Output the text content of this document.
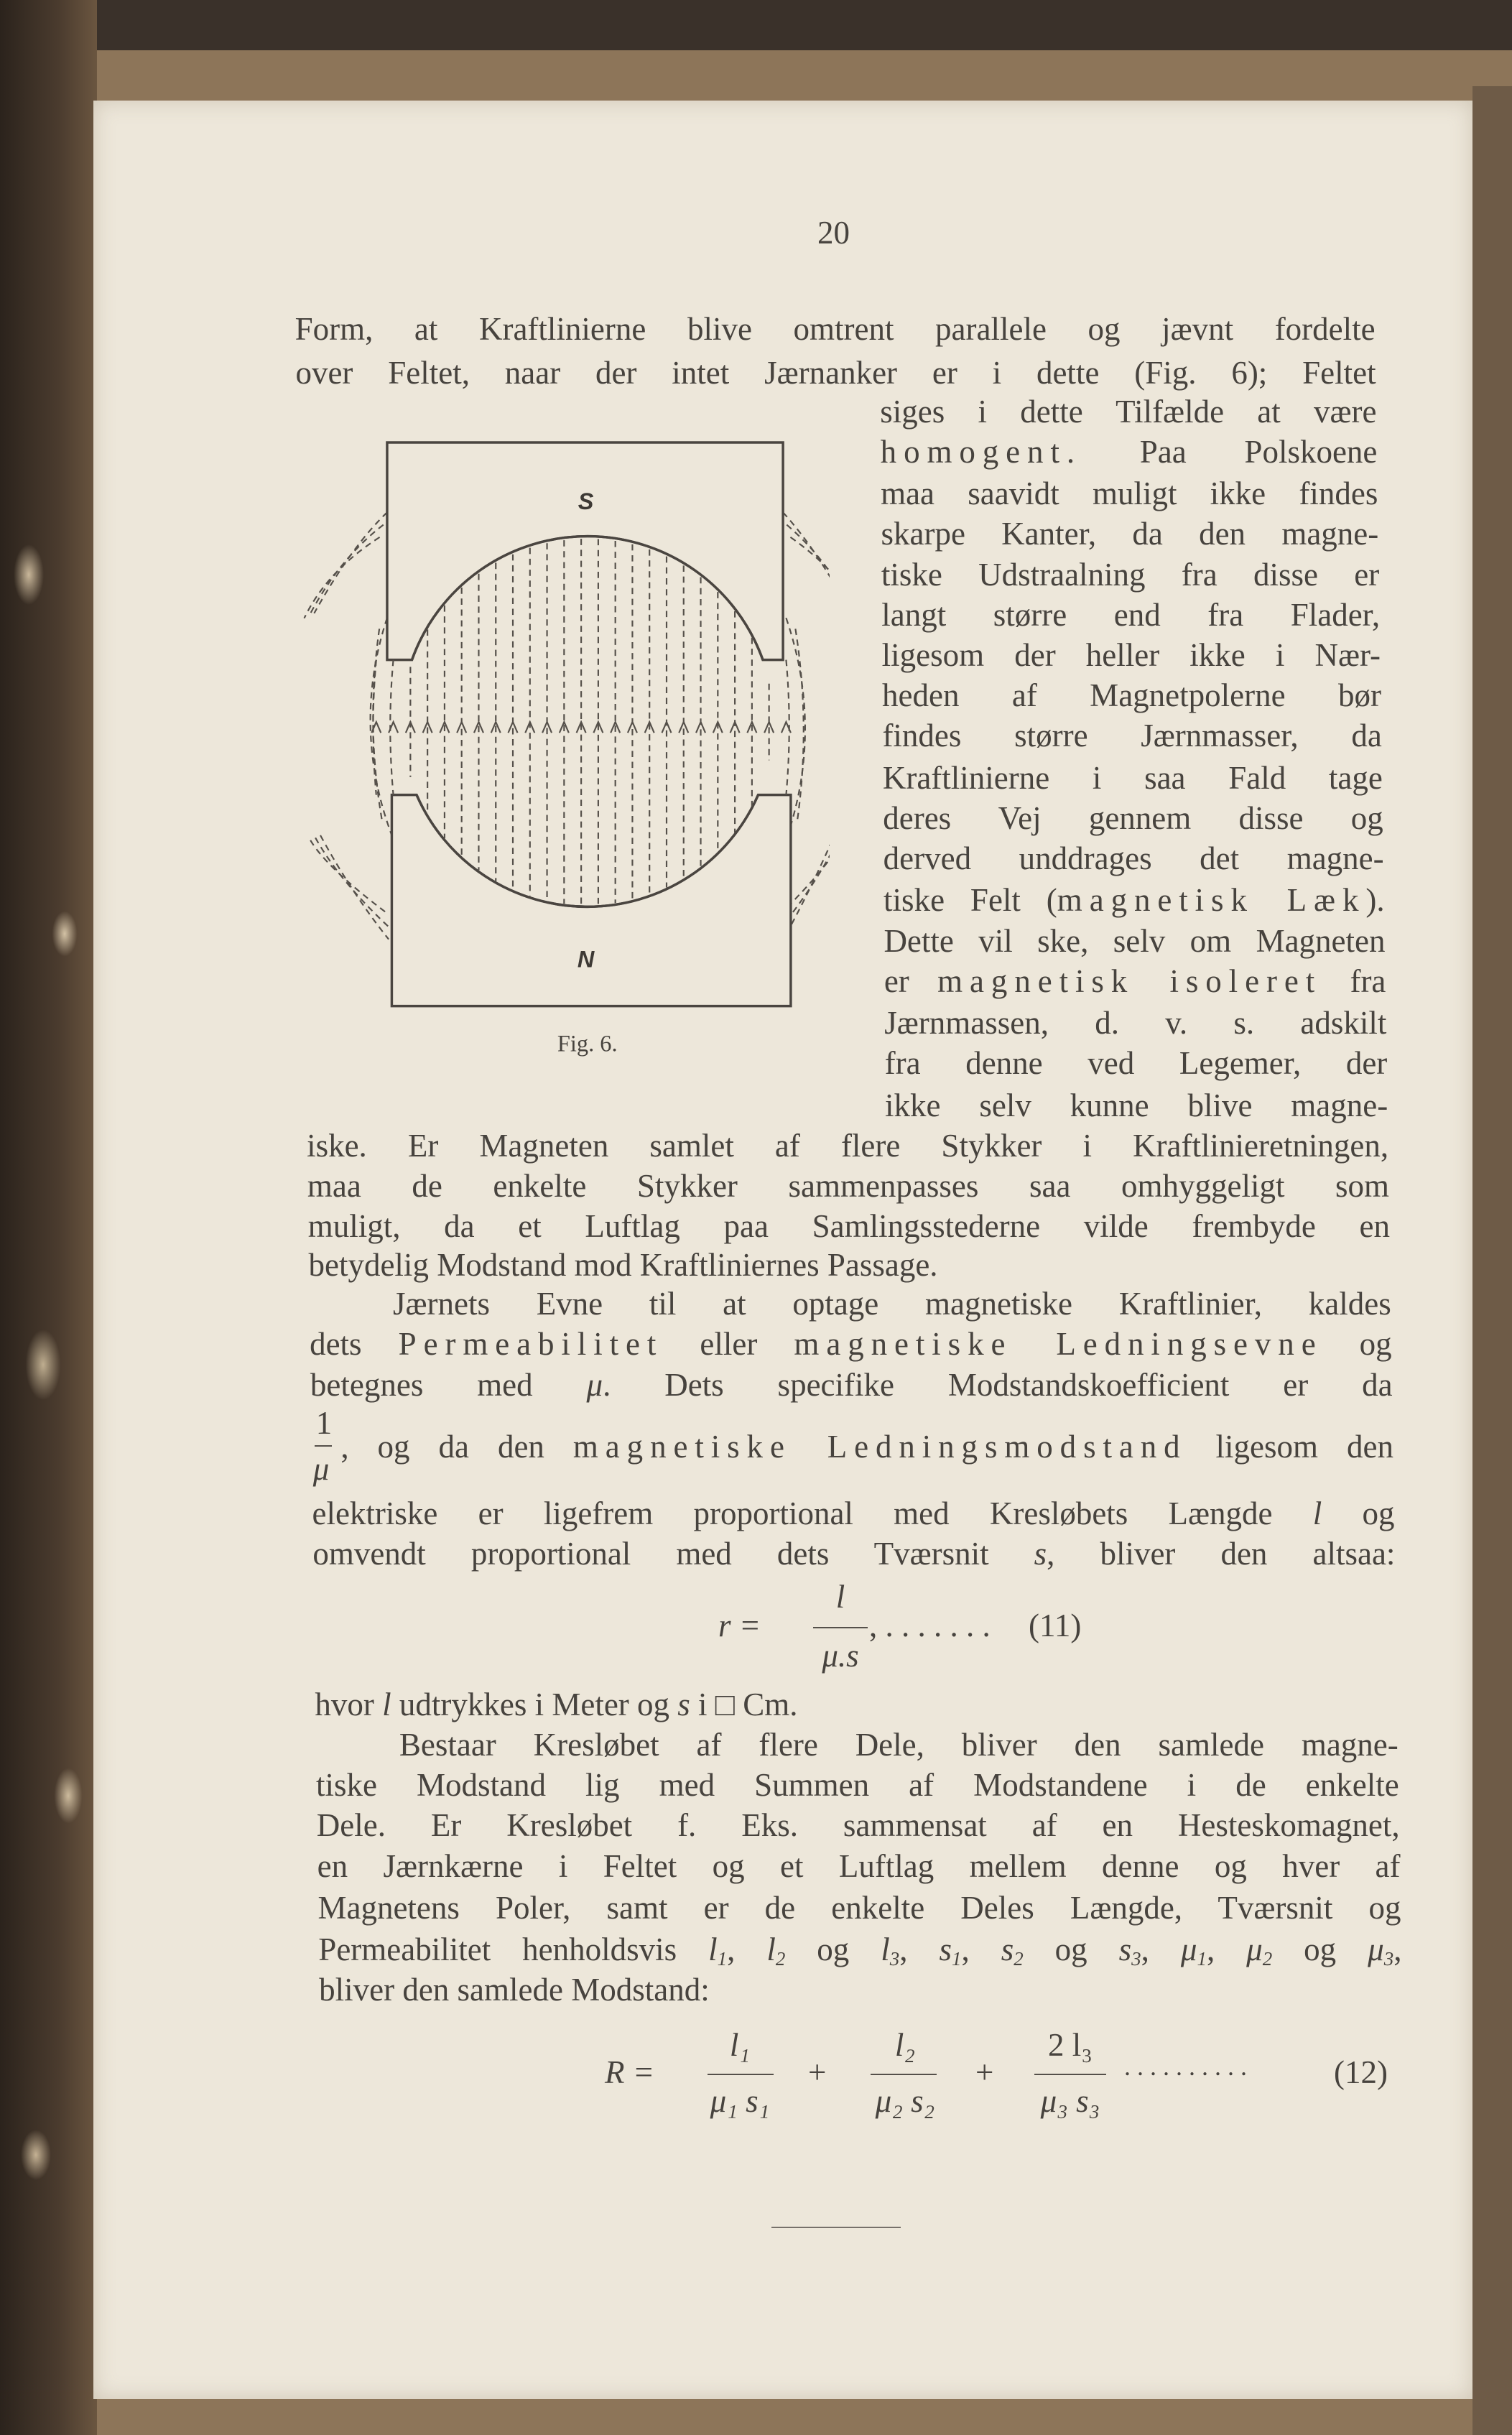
20
S
N
Fig. 6.
Form, at Kraftlinierne blive omtrent parallele og jævnt fordelte
over Feltet, naar der intet Jærnanker er i dette (Fig. 6); Feltet
siges i dette Tilfælde at være
homogent. Paa Polskoene
maa saavidt muligt ikke findes
skarpe Kanter, da den magne-
tiske Udstraalning fra disse er
langt større end fra Flader,
ligesom der heller ikke i Nær-
heden af Magnetpolerne bør
findes større Jærnmasser, da
Kraftlinierne i saa Fald tage
deres Vej gennem disse og
derved unddrages det magne-
tiske Felt (magnetisk Læk).
Dette vil ske, selv om Magneten
er magnetisk isoleret fra
Jærnmassen, d. v. s. adskilt
fra denne ved Legemer, der
ikke selv kunne blive magne-
iske. Er Magneten samlet af flere Stykker i Kraftlinieretningen,
maa de enkelte Stykker sammenpasses saa omhyggeligt som
muligt, da et Luftlag paa Samlingsstederne vilde frembyde en
betydelig Modstand mod Kraftliniernes Passage.
Jærnets Evne til at optage magnetiske Kraftlinier, kaldes
dets Permeabilitet eller magnetiske Ledningsevne og
betegnes med μ. Dets specifike Modstandskoefficient er da
, og da den magnetiske Ledningsmodstand ligesom den
elektriske er ligefrem proportional med Kresløbets Længde l og
omvendt proportional med dets Tværsnit s, bliver den altsaa:
hvor l udtrykkes i Meter og s i □ Cm.
Bestaar Kresløbet af flere Dele, bliver den samlede magne-
tiske Modstand lig med Summen af Modstandene i de enkelte
Dele. Er Kresløbet f. Eks. sammensat af en Hesteskomagnet,
en Jærnkærne i Feltet og et Luftlag mellem denne og hver af
Magnetens Poler, samt er de enkelte Deles Længde, Tværsnit og
Permeabilitet henholdsvis $l_1$, $l_2$ og $l_3$, $s_1$, $s_2$ og $s_3$, $\mu_1$, $\mu_2$ og $\mu_3$,
bliver den samlede Modstand:
1
μ
r =
l
μ.s
, . . . . . . . (11)
R =
l₁
μ₁ s₁
+
l₂
μ₂ s₂
+
2 l₃
μ₃ s₃
. . . . . . . . . .	(12)
